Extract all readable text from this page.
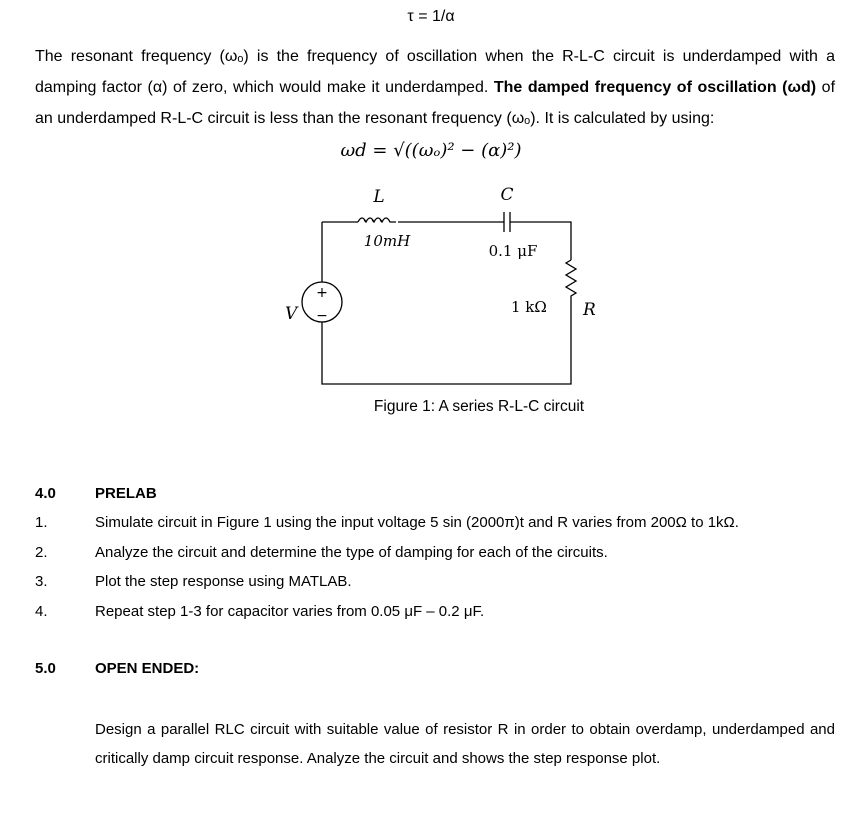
τ = 1/α
The resonant frequency (ωₒ) is the frequency of oscillation when the R-L-C circuit is underdamped with a damping factor (α) of zero, which would make it underdamped. The damped frequency of oscillation (ωd) of an underdamped R-L-C circuit is less than the resonant frequency (ωₒ). It is calculated by using:
ωd = √((ωₒ)² − (α)²)
+
−
V
L
10mH
C
0.1 μF
1 kΩ R
Figure 1: A series R-L-C circuit
4.0	PRELAB
1.	Simulate circuit in Figure 1 using the input voltage 5 sin (2000π)t and R varies from 200Ω to 1kΩ.
2.	Analyze the circuit and determine the type of damping for each of the circuits.
3.	Plot the step response using MATLAB.
4.	Repeat step 1-3 for capacitor varies from 0.05 μF – 0.2 μF.
5.0	OPEN ENDED:
Design a parallel RLC circuit with suitable value of resistor R in order to obtain overdamp, underdamped and critically damp circuit response. Analyze the circuit and shows the step response plot.
